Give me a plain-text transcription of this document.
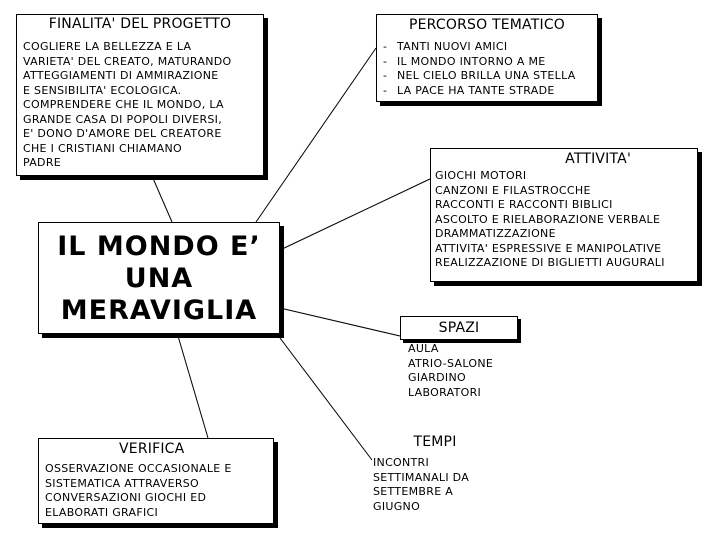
FINALITA' DEL PROGETTO
COGLIERE LA BELLEZZA E LA
VARIETA' DEL CREATO, MATURANDO
ATTEGGIAMENTI DI AMMIRAZIONE
E SENSIBILITA' ECOLOGICA.
COMPRENDERE CHE IL MONDO, LA
GRANDE CASA DI POPOLI DIVERSI,
E' DONO D'AMORE DEL CREATORE
CHE I CRISTIANI CHIAMANO
PADRE
PERCORSO TEMATICO
- TANTI NUOVI AMICI
- IL MONDO INTORNO A ME
- NEL CIELO BRILLA UNA STELLA
- LA PACE HA TANTE STRADE
IL MONDO E’
UNA
MERAVIGLIA
ATTIVITA'
GIOCHI MOTORI
CANZONI E FILASTROCCHE
RACCONTI E RACCONTI BIBLICI
ASCOLTO E RIELABORAZIONE VERBALE
DRAMMATIZZAZIONE
ATTIVITA' ESPRESSIVE E MANIPOLATIVE
REALIZZAZIONE DI BIGLIETTI AUGURALI
SPAZI
AULA
ATRIO-SALONE
GIARDINO
LABORATORI
VERIFICA
OSSERVAZIONE OCCASIONALE E
SISTEMATICA ATTRAVERSO
CONVERSAZIONI GIOCHI ED
ELABORATI GRAFICI
TEMPI
INCONTRI
SETTIMANALI DA
SETTEMBRE A
GIUGNO
